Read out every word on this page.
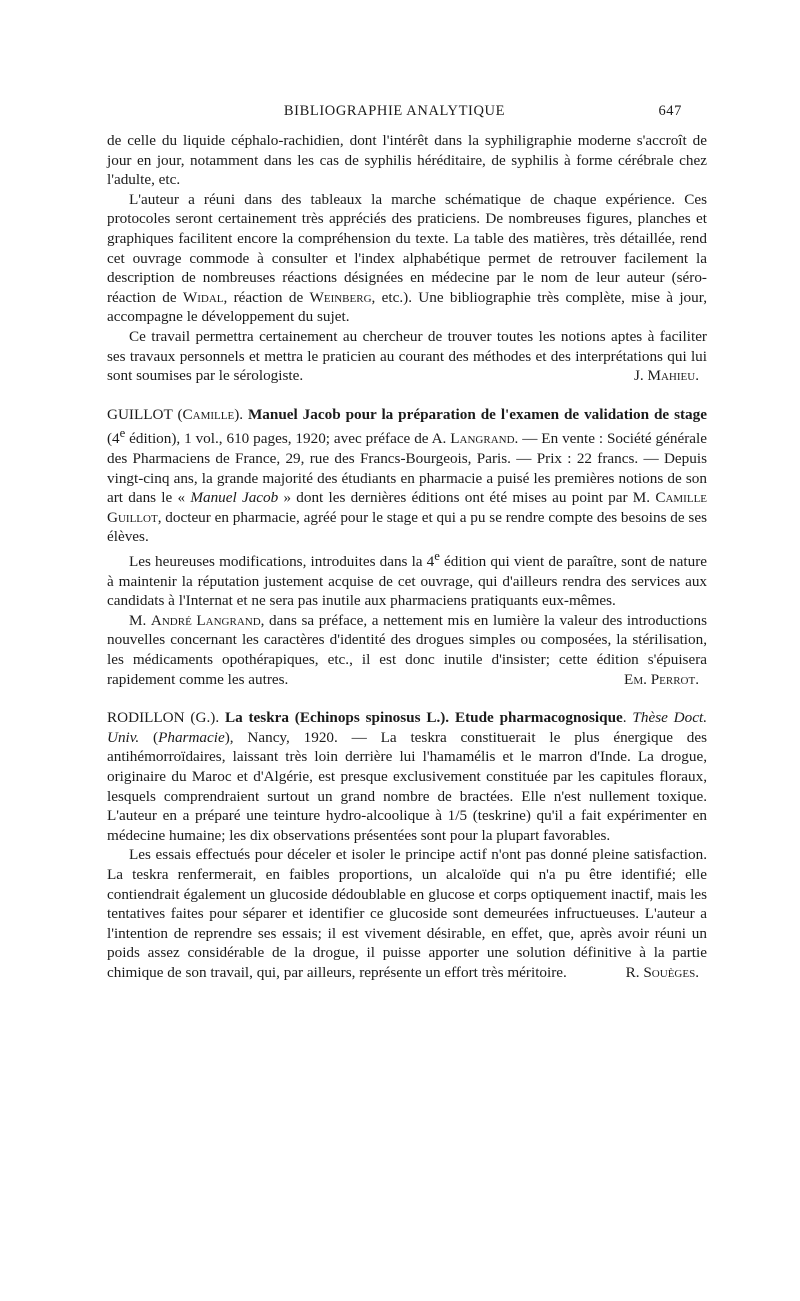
BIBLIOGRAPHIE ANALYTIQUE	647

de celle du liquide céphalo-rachidien, dont l'intérêt dans la syphiligraphie moderne s'accroît de jour en jour, notamment dans les cas de syphilis héréditaire, de syphilis à forme cérébrale chez l'adulte, etc.

L'auteur a réuni dans des tableaux la marche schématique de chaque expérience. Ces protocoles seront certainement très appréciés des praticiens. De nombreuses figures, planches et graphiques facilitent encore la compréhension du texte. La table des matières, très détaillée, rend cet ouvrage commode à consulter et l'index alphabétique permet de retrouver facilement la description de nombreuses réactions désignées en médecine par le nom de leur auteur (séro-réaction de Widal, réaction de Weinberg, etc.). Une bibliographie très complète, mise à jour, accompagne le développement du sujet.

Ce travail permettra certainement au chercheur de trouver toutes les notions aptes à faciliter ses travaux personnels et mettra le praticien au courant des méthodes et des interprétations qui lui sont soumises par le sérologiste.	J. Mahieu.

GUILLOT (Camille). Manuel Jacob pour la préparation de l'examen de validation de stage (4e édition), 1 vol., 610 pages, 1920; avec préface de A. Langrand. — En vente : Société générale des Pharmaciens de France, 29, rue des Francs-Bourgeois, Paris. — Prix : 22 francs. — Depuis vingt-cinq ans, la grande majorité des étudiants en pharmacie a puisé les premières notions de son art dans le « Manuel Jacob » dont les dernières éditions ont été mises au point par M. Camille Guillot, docteur en pharmacie, agréé pour le stage et qui a pu se rendre compte des besoins de ses élèves.

Les heureuses modifications, introduites dans la 4e édition qui vient de paraître, sont de nature à maintenir la réputation justement acquise de cet ouvrage, qui d'ailleurs rendra des services aux candidats à l'Internat et ne sera pas inutile aux pharmaciens pratiquants eux-mêmes.

M. André Langrand, dans sa préface, a nettement mis en lumière la valeur des introductions nouvelles concernant les caractères d'identité des drogues simples ou composées, la stérilisation, les médicaments opothérapiques, etc., il est donc inutile d'insister; cette édition s'épuisera rapidement comme les autres.	Em. Perrot.

RODILLON (G.). La teskra (Echinops spinosus L.). Etude pharmacognosique. Thèse Doct. Univ. (Pharmacie), Nancy, 1920. — La teskra constituerait le plus énergique des antihémorroïdaires, laissant très loin derrière lui l'hamamélis et le marron d'Inde. La drogue, originaire du Maroc et d'Algérie, est presque exclusivement constituée par les capitules floraux, lesquels comprendraient surtout un grand nombre de bractées. Elle n'est nullement toxique. L'auteur en a préparé une teinture hydro-alcoolique à 1/5 (teskrine) qu'il a fait expérimenter en médecine humaine; les dix observations présentées sont pour la plupart favorables.

Les essais effectués pour déceler et isoler le principe actif n'ont pas donné pleine satisfaction. La teskra renfermerait, en faibles proportions, un alcaloïde qui n'a pu être identifié; elle contiendrait également un glucoside dédoublable en glucose et corps optiquement inactif, mais les tentatives faites pour séparer et identifier ce glucoside sont demeurées infructueuses. L'auteur a l'intention de reprendre ses essais; il est vivement désirable, en effet, que, après avoir réuni un poids assez considérable de la drogue, il puisse apporter une solution définitive à la partie chimique de son travail, qui, par ailleurs, représente un effort très méritoire.	R. Souèges.
